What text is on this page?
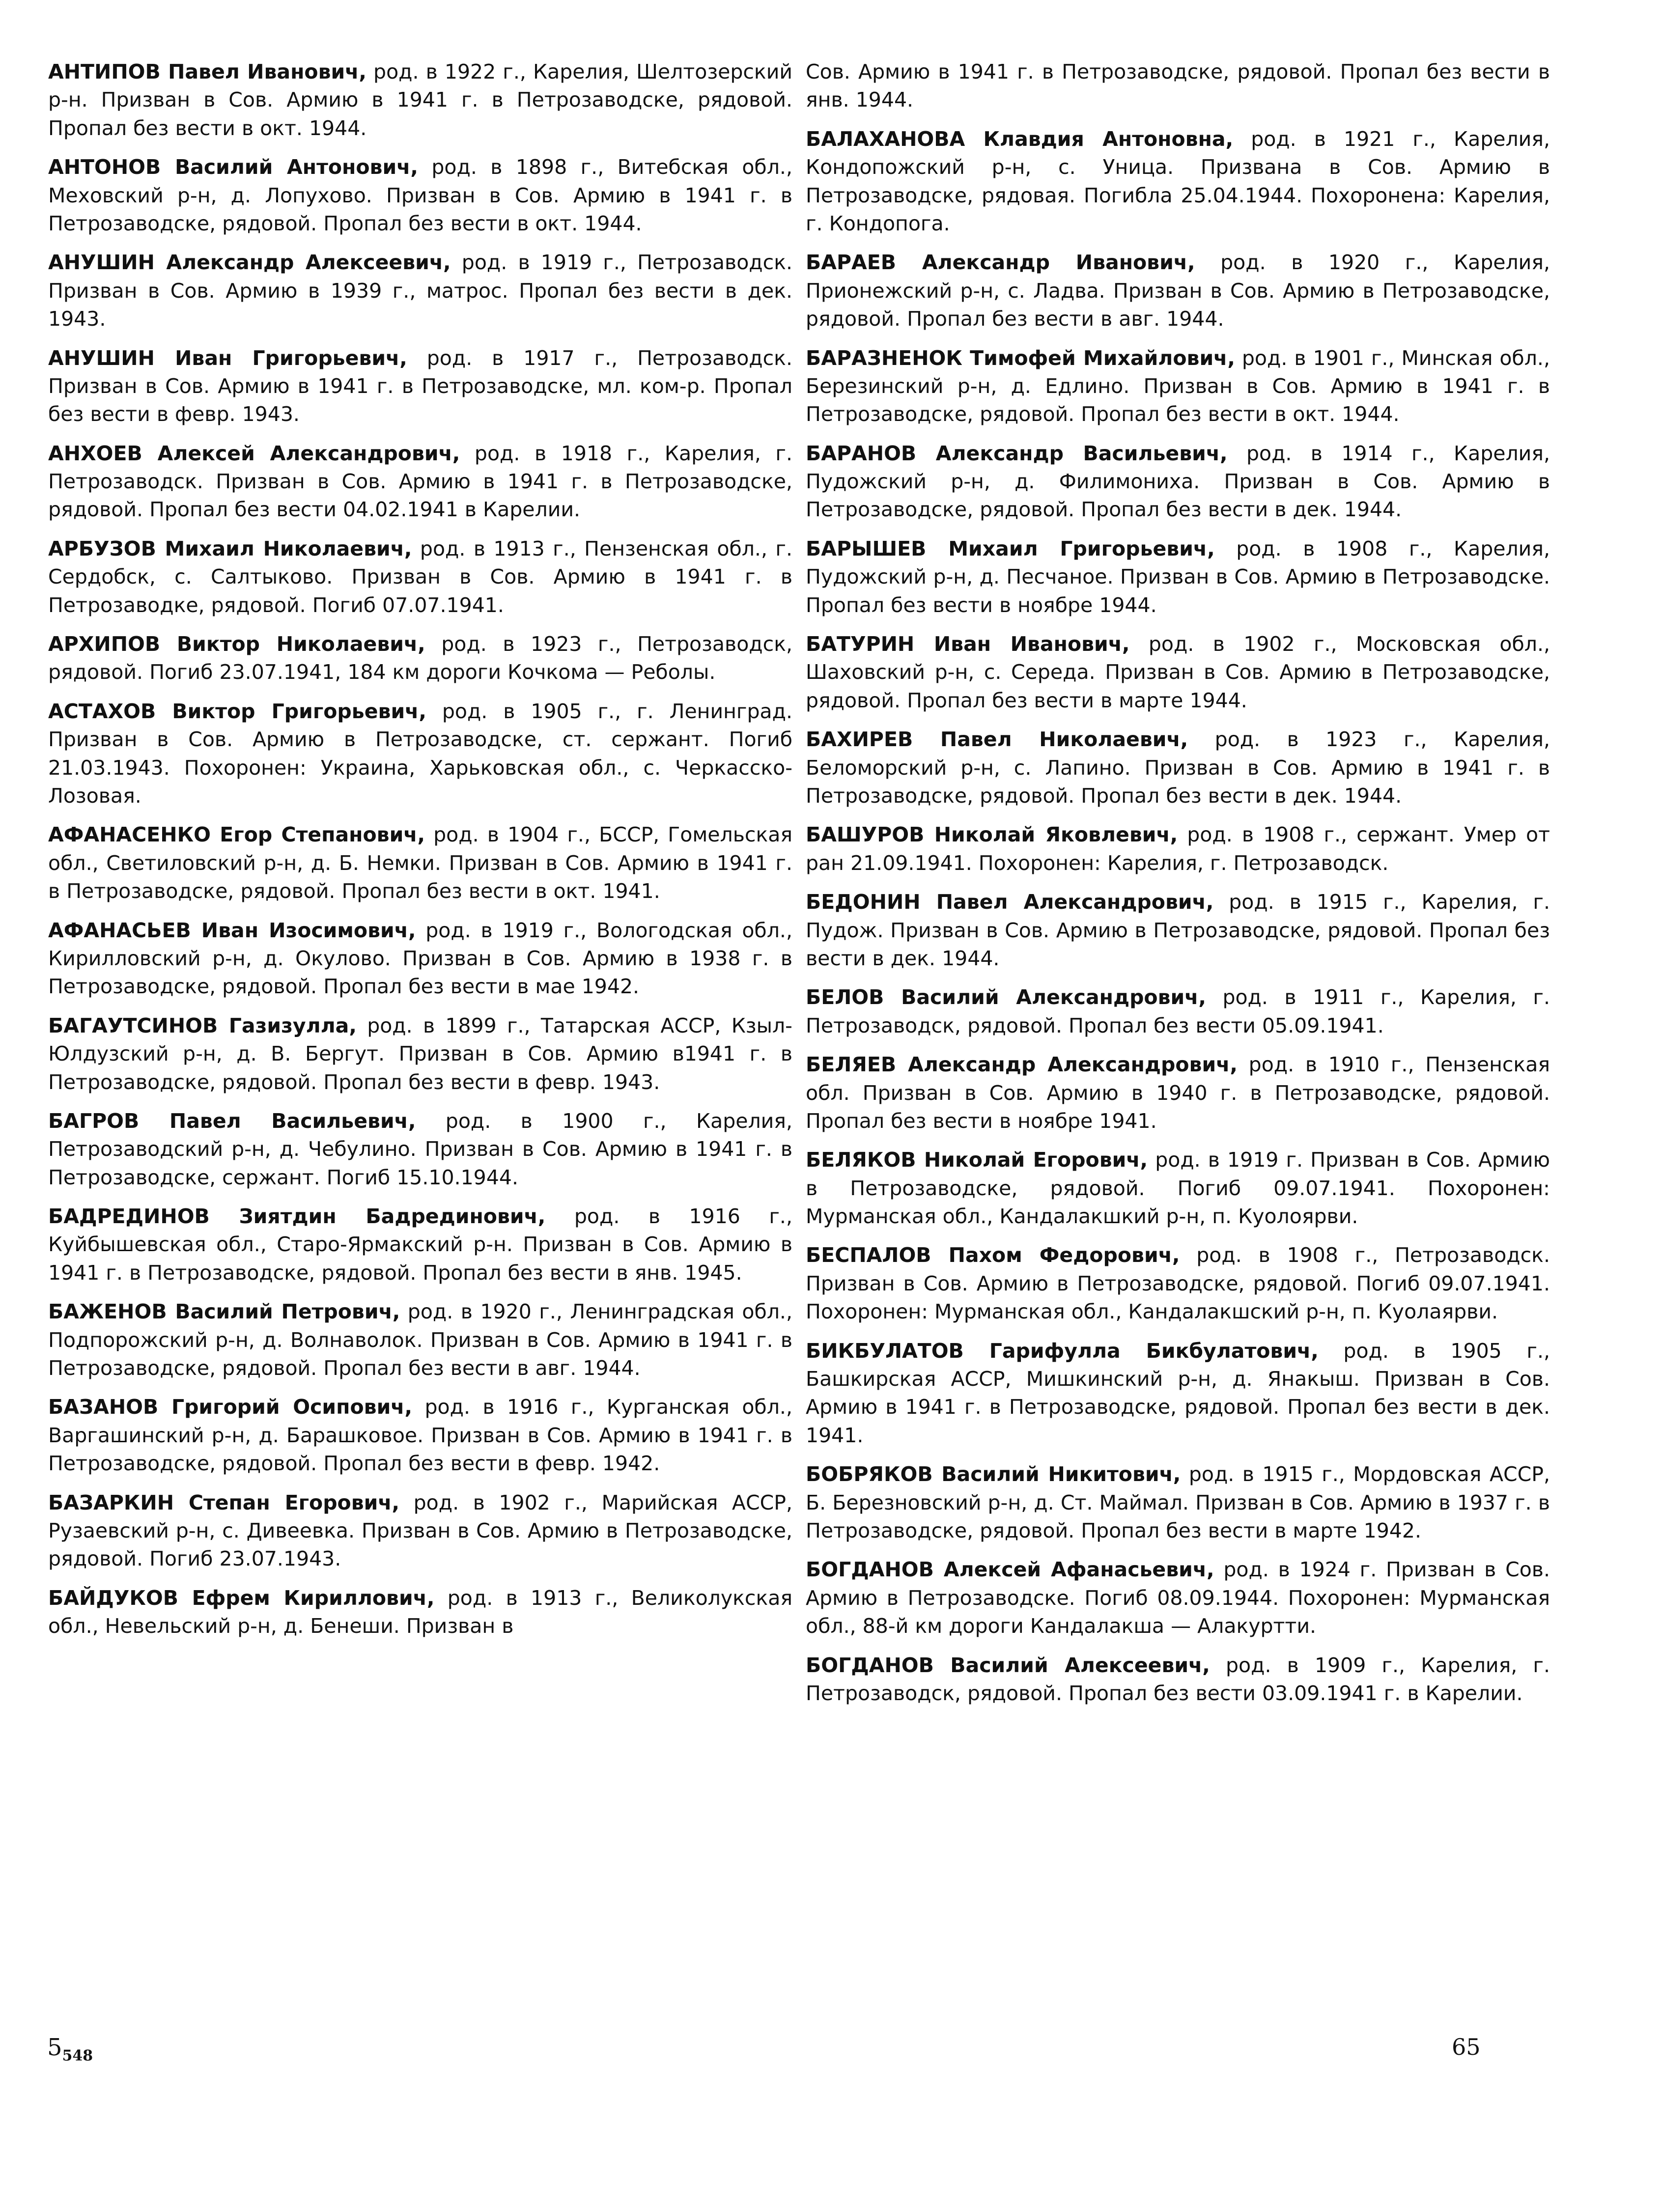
АНТИПОВ Павел Иванович, род. в 1922 г., Карелия, Шелтозерский р-н. Призван в Сов. Армию в 1941 г. в Петрозаводске, рядовой. Пропал без вести в окт. 1944.

АНТОНОВ Василий Антонович, род. в 1898 г., Витебская обл., Меховский р-н, д. Лопухово. Призван в Сов. Армию в 1941 г. в Петрозаводске, рядовой. Пропал без вести в окт. 1944.

АНУШИН Александр Алексеевич, род. в 1919 г., Петрозаводск. Призван в Сов. Армию в 1939 г., матрос. Пропал без вести в дек. 1943.

АНУШИН Иван Григорьевич, род. в 1917 г., Петрозаводск. Призван в Сов. Армию в 1941 г. в Петрозаводске, мл. ком-р. Пропал без вести в февр. 1943.

АНХОЕВ Алексей Александрович, род. в 1918 г., Карелия, г. Петрозаводск. Призван в Сов. Армию в 1941 г. в Петрозаводске, рядовой. Пропал без вести 04.02.1941 в Карелии.

АРБУЗОВ Михаил Николаевич, род. в 1913 г., Пензенская обл., г. Сердобск, с. Салтыково. Призван в Сов. Армию в 1941 г. в Петрозаводке, рядовой. Погиб 07.07.1941.

АРХИПОВ Виктор Николаевич, род. в 1923 г., Петрозаводск, рядовой. Погиб 23.07.1941, 184 км дороги Кочкома — Реболы.

АСТАХОВ Виктор Григорьевич, род. в 1905 г., г. Ленинград. Призван в Сов. Армию в Петрозаводске, ст. сержант. Погиб 21.03.1943. Похоронен: Украина, Харьковская обл., с. Черкасско-Лозовая.

АФАНАСЕНКО Егор Степанович, род. в 1904 г., БССР, Гомельская обл., Светиловский р-н, д. Б. Немки. Призван в Сов. Армию в 1941 г. в Петрозаводске, рядовой. Пропал без вести в окт. 1941.

АФАНАСЬЕВ Иван Изосимович, род. в 1919 г., Вологодская обл., Кирилловский р-н, д. Окулово. Призван в Сов. Армию в 1938 г. в Петрозаводске, рядовой. Пропал без вести в мае 1942.

БАГАУТСИНОВ Газизулла, род. в 1899 г., Татарская АССР, Кзыл-Юлдузский р-н, д. В. Бергут. Призван в Сов. Армию в1941 г. в Петрозаводске, рядовой. Пропал без вести в февр. 1943.

БАГРОВ Павел Васильевич, род. в 1900 г., Карелия, Петрозаводский р-н, д. Чебулино. Призван в Сов. Армию в 1941 г. в Петрозаводске, сержант. Погиб 15.10.1944.

БАДРЕДИНОВ Зиятдин Бадрединович, род. в 1916 г., Куйбышевская обл., Старо-Ярмакский р-н. Призван в Сов. Армию в 1941 г. в Петрозаводске, рядовой. Пропал без вести в янв. 1945.

БАЖЕНОВ Василий Петрович, род. в 1920 г., Ленинградская обл., Подпорожский р-н, д. Волнаволок. Призван в Сов. Армию в 1941 г. в Петрозаводске, рядовой. Пропал без вести в авг. 1944.

БАЗАНОВ Григорий Осипович, род. в 1916 г., Курганская обл., Варгашинский р-н, д. Барашковое. Призван в Сов. Армию в 1941 г. в Петрозаводске, рядовой. Пропал без вести в февр. 1942.

БАЗАРКИН Степан Егорович, род. в 1902 г., Марийская АССР, Рузаевский р-н, с. Дивеевка. Призван в Сов. Армию в Петрозаводске, рядовой. Погиб 23.07.1943.

БАЙДУКОВ Ефрем Кириллович, род. в 1913 г., Великолукская обл., Невельский р-н, д. Бенеши. Призван в

Сов. Армию в 1941 г. в Петрозаводске, рядовой. Пропал без вести в янв. 1944.

БАЛАХАНОВА Клавдия Антоновна, род. в 1921 г., Карелия, Кондопожский р-н, с. Уница. Призвана в Сов. Армию в Петрозаводске, рядовая. Погибла 25.04.1944. Похоронена: Карелия, г. Кондопога.

БАРАЕВ Александр Иванович, род. в 1920 г., Карелия, Прионежский р-н, с. Ладва. Призван в Сов. Армию в Петрозаводске, рядовой. Пропал без вести в авг. 1944.

БАРАЗНЕНОК Тимофей Михайлович, род. в 1901 г., Минская обл., Березинский р-н, д. Едлино. Призван в Сов. Армию в 1941 г. в Петрозаводске, рядовой. Пропал без вести в окт. 1944.

БАРАНОВ Александр Васильевич, род. в 1914 г., Карелия, Пудожский р-н, д. Филимониха. Призван в Сов. Армию в Петрозаводске, рядовой. Пропал без вести в дек. 1944.

БАРЫШЕВ Михаил Григорьевич, род. в 1908 г., Карелия, Пудожский р-н, д. Песчаное. Призван в Сов. Армию в Петрозаводске. Пропал без вести в ноябре 1944.

БАТУРИН Иван Иванович, род. в 1902 г., Московская обл., Шаховский р-н, с. Середа. Призван в Сов. Армию в Петрозаводске, рядовой. Пропал без вести в марте 1944.

БАХИРЕВ Павел Николаевич, род. в 1923 г., Карелия, Беломорский р-н, с. Лапино. Призван в Сов. Армию в 1941 г. в Петрозаводске, рядовой. Пропал без вести в дек. 1944.

БАШУРОВ Николай Яковлевич, род. в 1908 г., сержант. Умер от ран 21.09.1941. Похоронен: Карелия, г. Петрозаводск.

БЕДОНИН Павел Александрович, род. в 1915 г., Карелия, г. Пудож. Призван в Сов. Армию в Петрозаводске, рядовой. Пропал без вести в дек. 1944.

БЕЛОВ Василий Александрович, род. в 1911 г., Карелия, г. Петрозаводск, рядовой. Пропал без вести 05.09.1941.

БЕЛЯЕВ Александр Александрович, род. в 1910 г., Пензенская обл. Призван в Сов. Армию в 1940 г. в Петрозаводске, рядовой. Пропал без вести в ноябре 1941.

БЕЛЯКОВ Николай Егорович, род. в 1919 г. Призван в Сов. Армию в Петрозаводске, рядовой. Погиб 09.07.1941. Похоронен: Мурманская обл., Кандалакшкий р-н, п. Куолоярви.

БЕСПАЛОВ Пахом Федорович, род. в 1908 г., Петрозаводск. Призван в Сов. Армию в Петрозаводске, рядовой. Погиб 09.07.1941. Похоронен: Мурманская обл., Кандалакшский р-н, п. Куолаярви.

БИКБУЛАТОВ Гарифулла Бикбулатович, род. в 1905 г., Башкирская АССР, Мишкинский р-н, д. Янакыш. Призван в Сов. Армию в 1941 г. в Петрозаводске, рядовой. Пропал без вести в дек. 1941.

БОБРЯКОВ Василий Никитович, род. в 1915 г., Мордовская АССР, Б. Березновский р-н, д. Ст. Маймал. Призван в Сов. Армию в 1937 г. в Петрозаводске, рядовой. Пропал без вести в марте 1942.

БОГДАНОВ Алексей Афанасьевич, род. в 1924 г. Призван в Сов. Армию в Петрозаводске. Погиб 08.09.1944. Похоронен: Мурманская обл., 88-й км дороги Кандалакша — Алакуртти.

БОГДАНОВ Василий Алексеевич, род. в 1909 г., Карелия, г. Петрозаводск, рядовой. Пропал без вести 03.09.1941 г. в Карелии.

$5_{548}$	65
